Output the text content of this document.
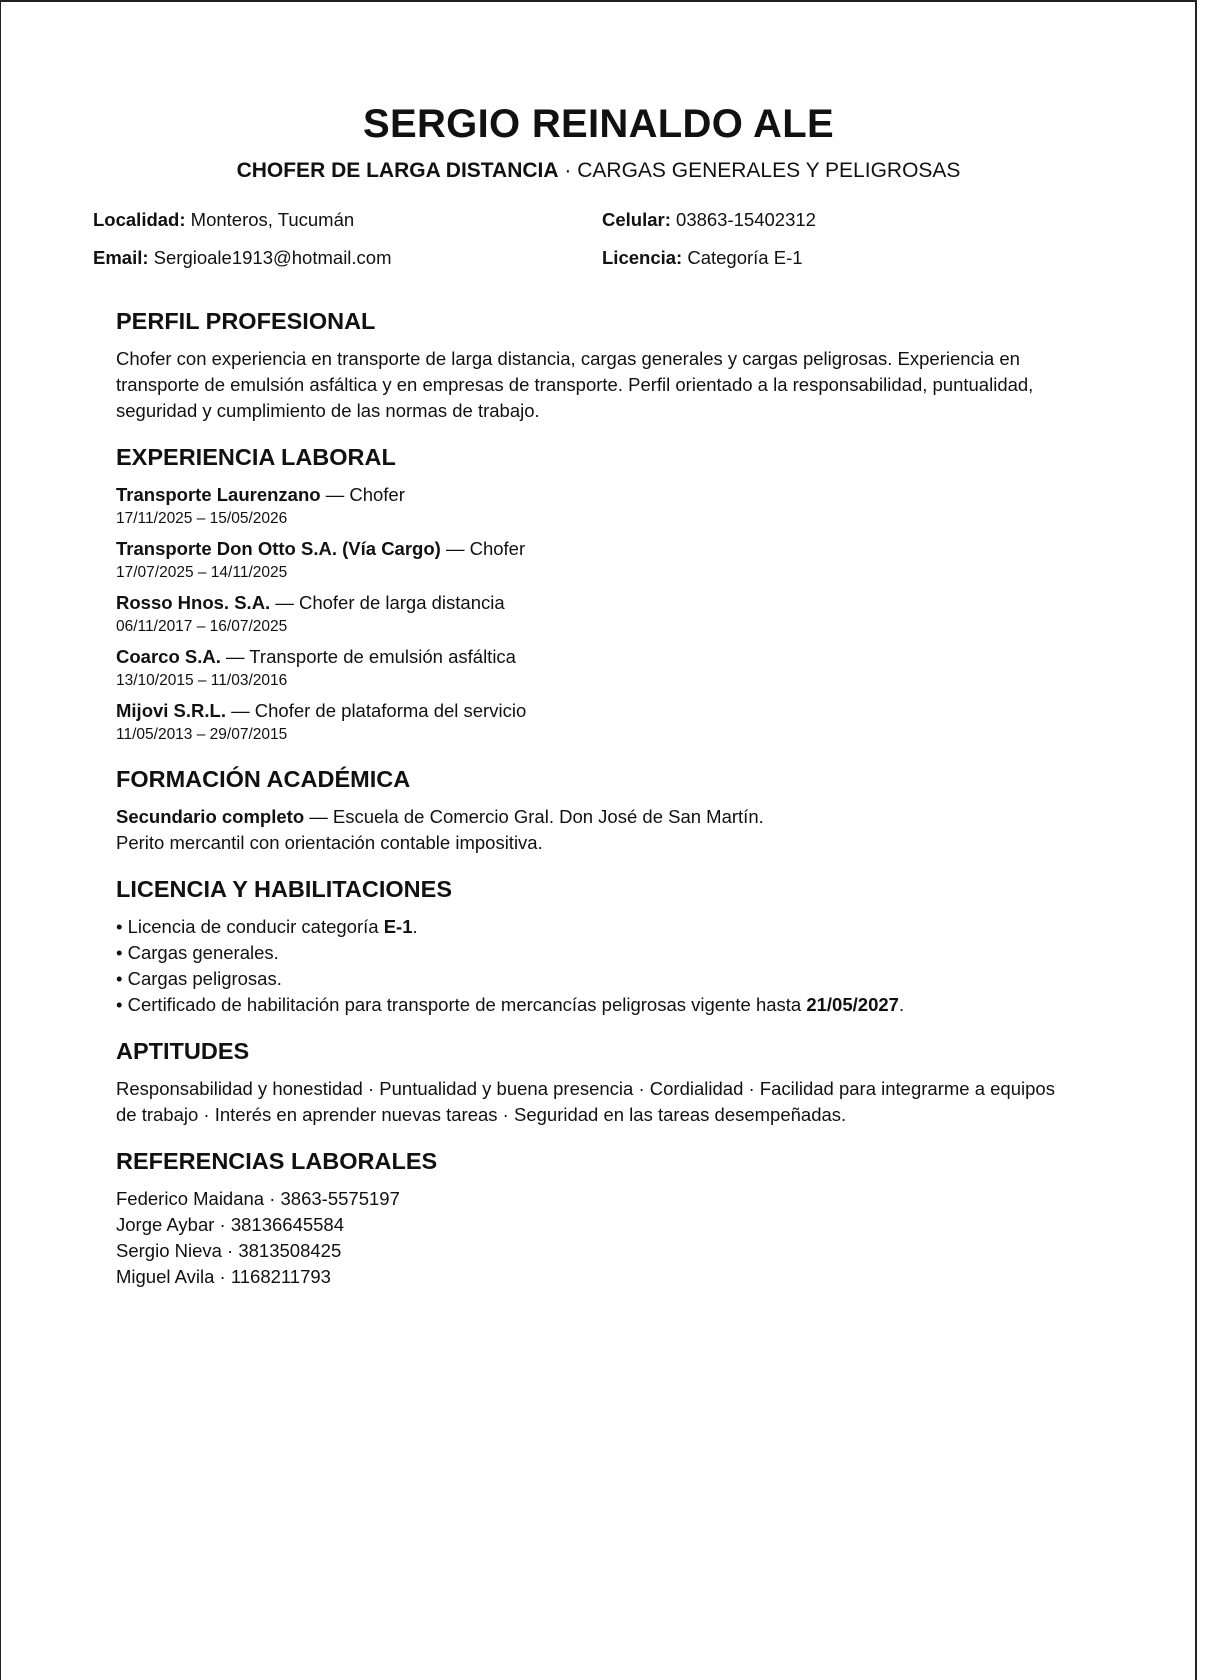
SERGIO REINALDO ALE
CHOFER DE LARGA DISTANCIA · CARGAS GENERALES Y PELIGROSAS
Localidad: Monteros, Tucumán	Celular: 03863-15402312
Email: Sergioale1913@hotmail.com	Licencia: Categoría E-1
PERFIL PROFESIONAL
Chofer con experiencia en transporte de larga distancia, cargas generales y cargas peligrosas. Experiencia en
transporte de emulsión asfáltica y en empresas de transporte. Perfil orientado a la responsabilidad, puntualidad,
seguridad y cumplimiento de las normas de trabajo.
EXPERIENCIA LABORAL
Transporte Laurenzano — Chofer
17/11/2025 – 15/05/2026
Transporte Don Otto S.A. (Vía Cargo) — Chofer
17/07/2025 – 14/11/2025
Rosso Hnos. S.A. — Chofer de larga distancia
06/11/2017 – 16/07/2025
Coarco S.A. — Transporte de emulsión asfáltica
13/10/2015 – 11/03/2016
Mijovi S.R.L. — Chofer de plataforma del servicio
11/05/2013 – 29/07/2015
FORMACIÓN ACADÉMICA
Secundario completo — Escuela de Comercio Gral. Don José de San Martín.
Perito mercantil con orientación contable impositiva.
LICENCIA Y HABILITACIONES
• Licencia de conducir categoría E-1.
• Cargas generales.
• Cargas peligrosas.
• Certificado de habilitación para transporte de mercancías peligrosas vigente hasta 21/05/2027.
APTITUDES
Responsabilidad y honestidad · Puntualidad y buena presencia · Cordialidad · Facilidad para integrarme a equipos
de trabajo · Interés en aprender nuevas tareas · Seguridad en las tareas desempeñadas.
REFERENCIAS LABORALES
Federico Maidana · 3863-5575197
Jorge Aybar · 38136645584
Sergio Nieva · 3813508425
Miguel Avila · 1168211793
